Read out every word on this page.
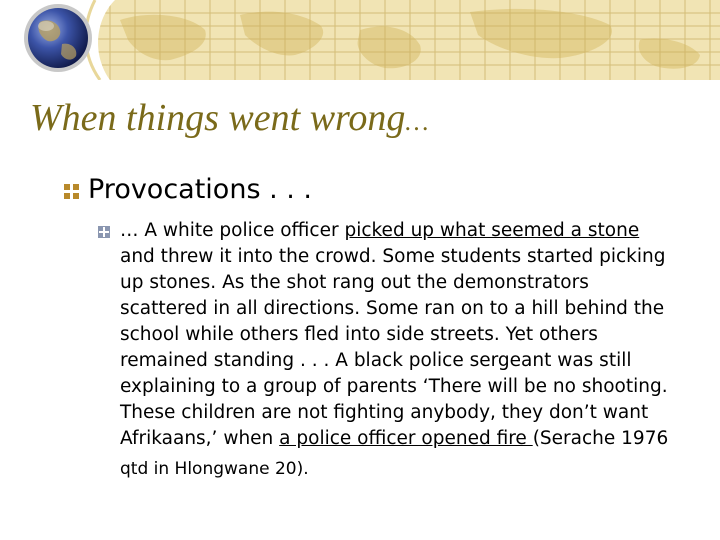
When things went wrong…
Provocations . . .
… A white police officer picked up what seemed a stone
and threw it into the crowd. Some students started picking
up stones. As the shot rang out the demonstrators
scattered in all directions. Some ran on to a hill behind the
school while others fled into side streets. Yet others
remained standing . . . A black police sergeant was still
explaining to a group of parents ‘There will be no shooting.
These children are not fighting anybody, they don’t want
Afrikaans,’ when a police officer opened fire (Serache 1976
qtd in Hlongwane 20).
